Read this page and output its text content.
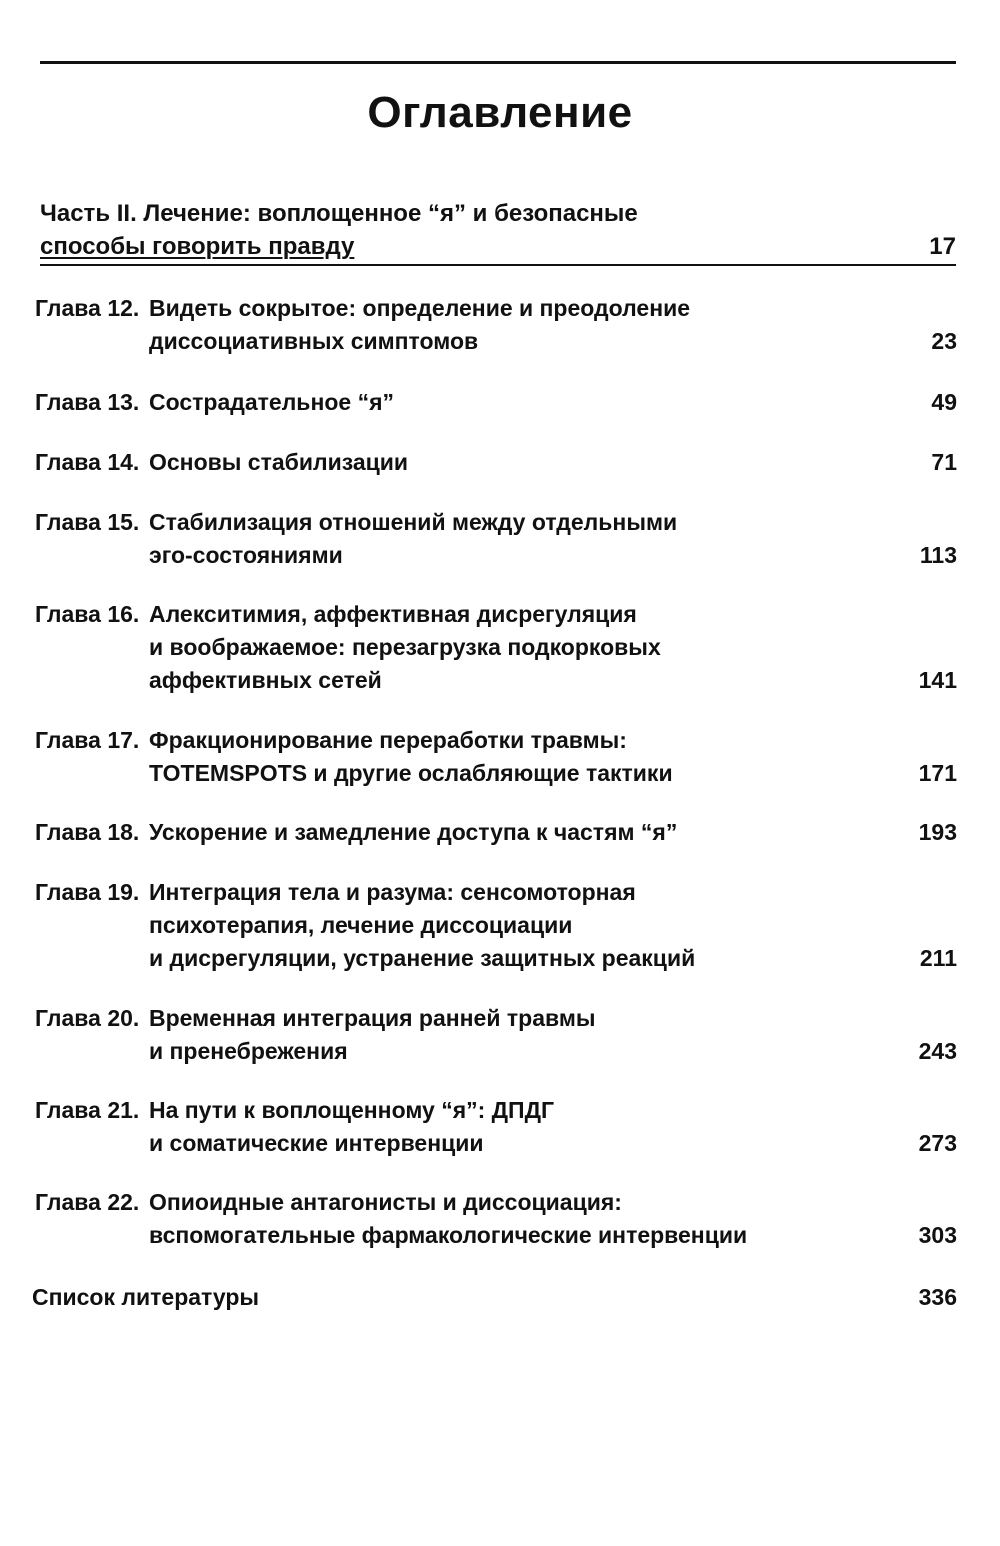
Оглавление
Часть II. Лечение: воплощенное “я” и безопасные
способы говорить правду	17
Глава 12. Видеть сокрытое: определение и преодоление
диссоциативных симптомов	23
Глава 13. Сострадательное “я”	49
Глава 14. Основы стабилизации	71
Глава 15. Стабилизация отношений между отдельными
эго-состояниями	113
Глава 16. Алекситимия, аффективная дисрегуляция
и воображаемое: перезагрузка подкорковых
аффективных сетей	141
Глава 17. Фракционирование переработки травмы:
TOTEMSPOTS и другие ослабляющие тактики	171
Глава 18. Ускорение и замедление доступа к частям “я”	193
Глава 19. Интеграция тела и разума: сенсомоторная
психотерапия, лечение диссоциации
и дисрегуляции, устранение защитных реакций	211
Глава 20. Временная интеграция ранней травмы
и пренебрежения	243
Глава 21. На пути к воплощенному “я”: ДПДГ
и соматические интервенции	273
Глава 22. Опиоидные антагонисты и диссоциация:
вспомогательные фармакологические интервенции	303
Список литературы	336
